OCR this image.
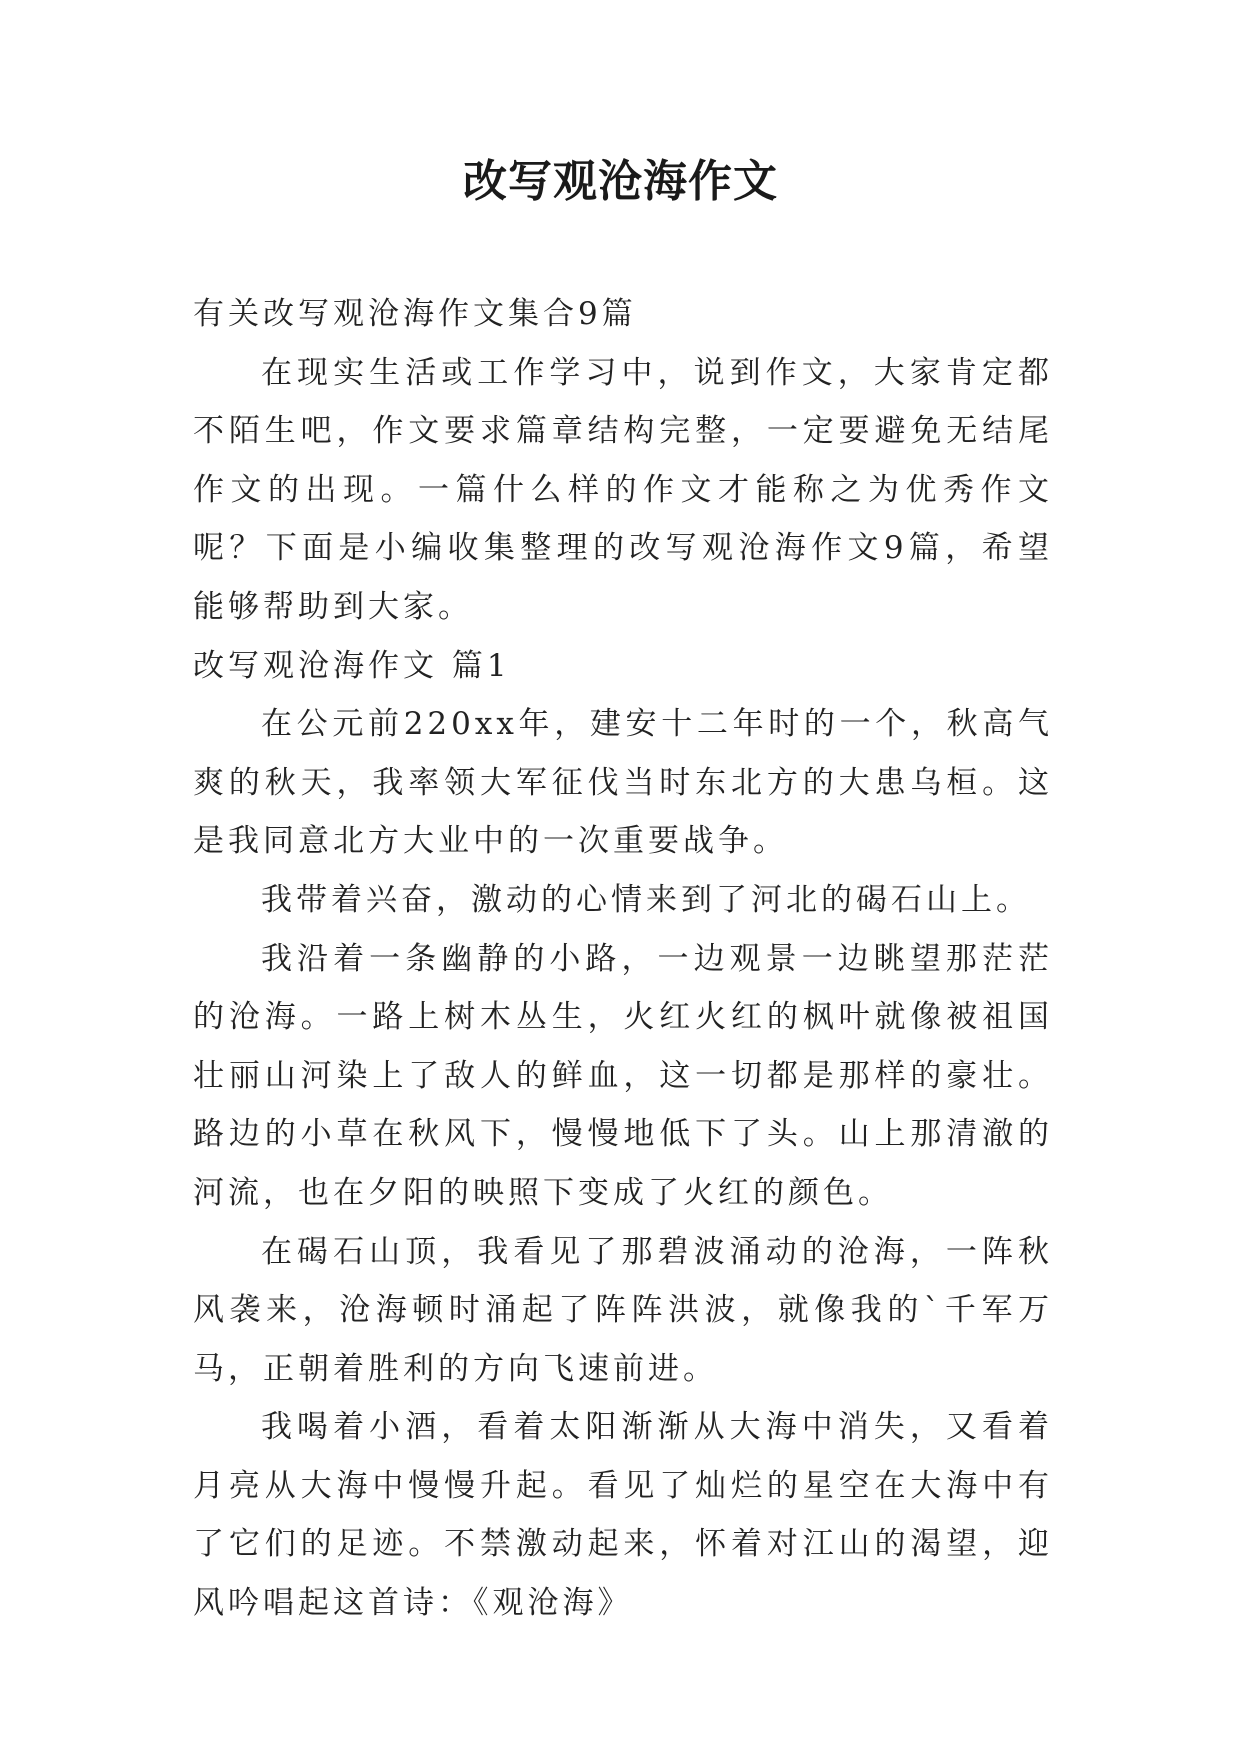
改写观沧海作文

有关改写观沧海作文集合9篇

在现实生活或工作学习中，说到作文，大家肯定都不陌生吧，作文要求篇章结构完整，一定要避免无结尾作文的出现。一篇什么样的作文才能称之为优秀作文呢？下面是小编收集整理的改写观沧海作文9篇，希望能够帮助到大家。

改写观沧海作文 篇1

在公元前220xx年，建安十二年时的一个，秋高气爽的秋天，我率领大军征伐当时东北方的大患乌桓。这是我同意北方大业中的一次重要战争。

我带着兴奋，激动的心情来到了河北的碣石山上。

我沿着一条幽静的小路，一边观景一边眺望那茫茫的沧海。一路上树木丛生，火红火红的枫叶就像被祖国壮丽山河染上了敌人的鲜血，这一切都是那样的豪壮。路边的小草在秋风下，慢慢地低下了头。山上那清澈的河流，也在夕阳的映照下变成了火红的颜色。

在碣石山顶，我看见了那碧波涌动的沧海，一阵秋风袭来，沧海顿时涌起了阵阵洪波，就像我的`千军万马，正朝着胜利的方向飞速前进。

我喝着小酒，看着太阳渐渐从大海中消失，又看着月亮从大海中慢慢升起。看见了灿烂的星空在大海中有了它们的足迹。不禁激动起来，怀着对江山的渴望，迎风吟唱起这首诗：《观沧海》
